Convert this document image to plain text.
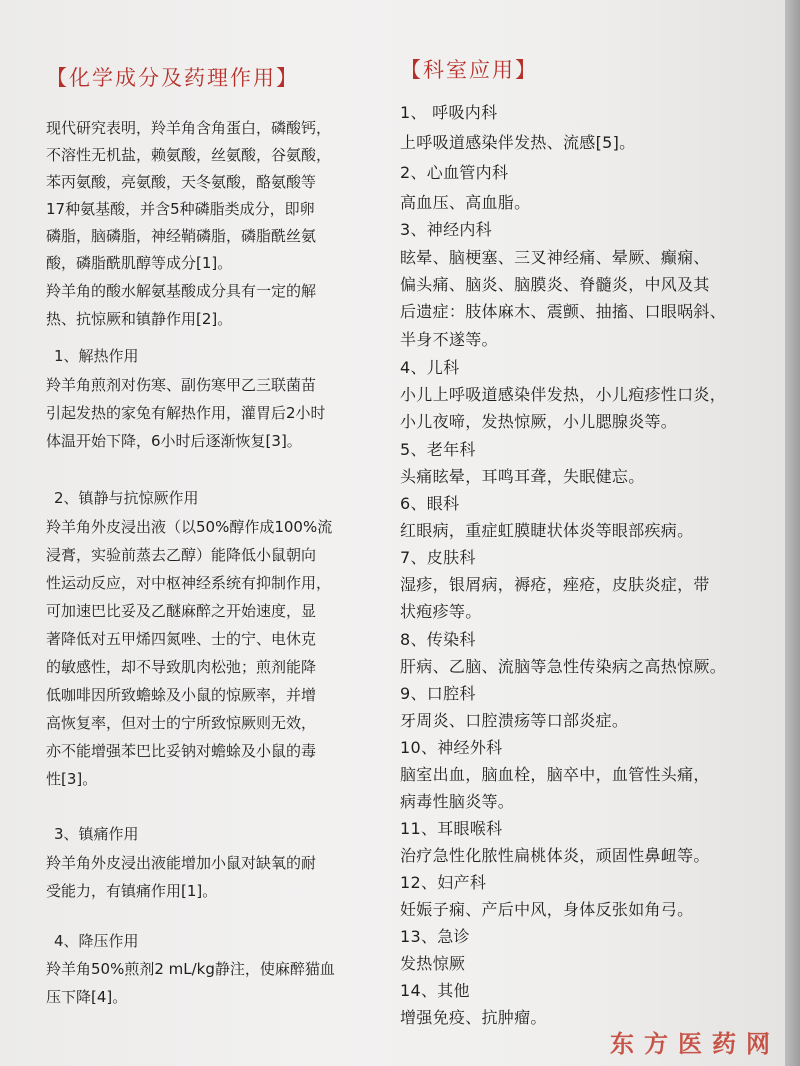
【化学成分及药理作用】
现代研究表明，羚羊角含角蛋白，磷酸钙，
不溶性无机盐，赖氨酸，丝氨酸，谷氨酸，
苯丙氨酸，亮氨酸，天冬氨酸，酪氨酸等
17种氨基酸，并含5种磷脂类成分，即卵
磷脂，脑磷脂，神经鞘磷脂，磷脂酰丝氨
酸，磷脂酰肌醇等成分[1]。
羚羊角的酸水解氨基酸成分具有一定的解
热、抗惊厥和镇静作用[2]。
1、解热作用
羚羊角煎剂对伤寒、副伤寒甲乙三联菌苗
引起发热的家兔有解热作用，灌胃后2小时
体温开始下降，6小时后逐渐恢复[3]。
2、镇静与抗惊厥作用
羚羊角外皮浸出液（以50%醇作成100%流
浸膏，实验前蒸去乙醇）能降低小鼠朝向
性运动反应，对中枢神经系统有抑制作用，
可加速巴比妥及乙醚麻醉之开始速度，显
著降低对五甲烯四氮唑、士的宁、电休克
的敏感性，却不导致肌肉松弛；煎剂能降
低咖啡因所致蟾蜍及小鼠的惊厥率，并增
高恢复率，但对士的宁所致惊厥则无效，
亦不能增强苯巴比妥钠对蟾蜍及小鼠的毒
性[3]。
3、镇痛作用
羚羊角外皮浸出液能增加小鼠对缺氧的耐
受能力，有镇痛作用[1]。
4、降压作用
羚羊角50%煎剂2 mL/kg静注，使麻醉猫血
压下降[4]。
【科室应用】
1、 呼吸内科
上呼吸道感染伴发热、流感[5]。
2、心血管内科
高血压、高血脂。
3、神经内科
眩晕、脑梗塞、三叉神经痛、晕厥、癫痫、
偏头痛、脑炎、脑膜炎、脊髓炎，中风及其
后遗症：肢体麻木、震颤、抽搐、口眼㖞斜、
半身不遂等。
4、儿科
小儿上呼吸道感染伴发热，小儿疱疹性口炎，
小儿夜啼，发热惊厥，小儿腮腺炎等。
5、老年科
头痛眩晕，耳鸣耳聋，失眠健忘。
6、眼科
红眼病，重症虹膜睫状体炎等眼部疾病。
7、皮肤科
湿疹，银屑病，褥疮，痤疮，皮肤炎症，带
状疱疹等。
8、传染科
肝病、乙脑、流脑等急性传染病之高热惊厥。
9、口腔科
牙周炎、口腔溃疡等口部炎症。
10、神经外科
脑室出血，脑血栓，脑卒中，血管性头痛，
病毒性脑炎等。
11、耳眼喉科
治疗急性化脓性扁桃体炎，顽固性鼻衄等。
12、妇产科
妊娠子痫、产后中风，身体反张如角弓。
13、急诊
发热惊厥
14、其他
增强免疫、抗肿瘤。
东方医药网
